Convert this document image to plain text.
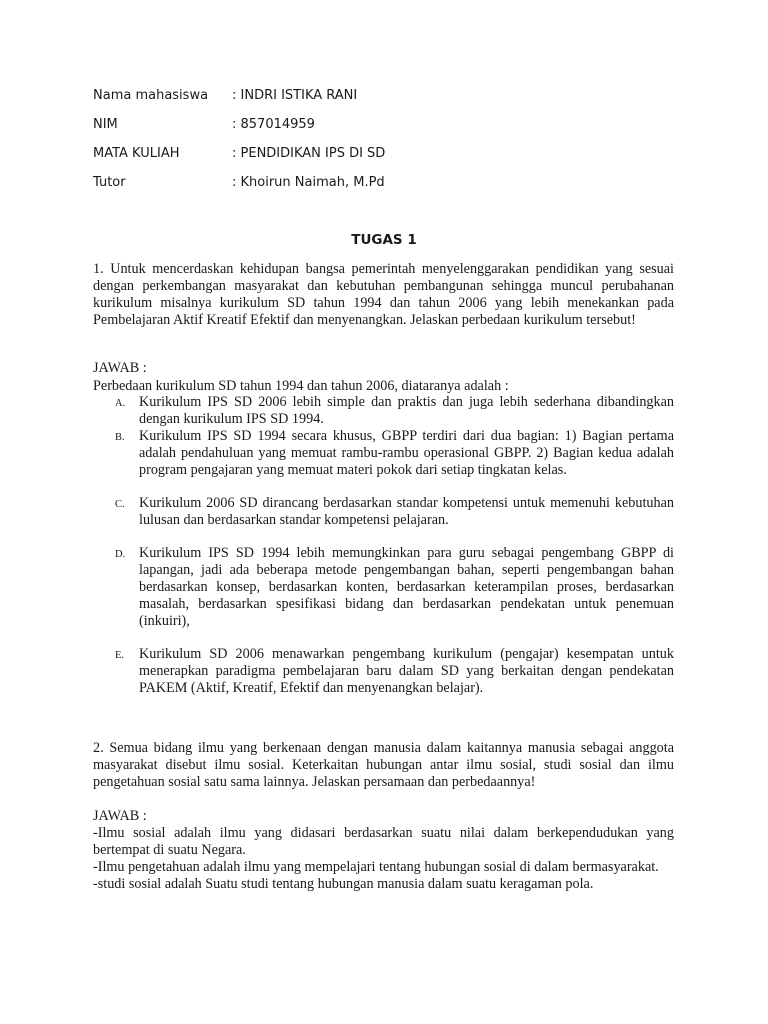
Nama mahasiswa	: INDRI ISTIKA RANI
NIM	: 857014959
MATA KULIAH	: PENDIDIKAN IPS DI SD
Tutor	: Khoirun Naimah, M.Pd
TUGAS 1
1. Untuk mencerdaskan kehidupan bangsa pemerintah menyelenggarakan pendidikan yang sesuai dengan perkembangan masyarakat dan kebutuhan pembangunan sehingga muncul perubahanan kurikulum misalnya kurikulum SD tahun 1994 dan tahun 2006 yang lebih menekankan pada Pembelajaran Aktif Kreatif Efektif dan menyenangkan. Jelaskan perbedaan kurikulum tersebut!
JAWAB :
Perbedaan kurikulum SD tahun 1994 dan tahun 2006, diataranya adalah :
A. Kurikulum IPS SD 2006 lebih simple dan praktis dan juga lebih sederhana dibandingkan dengan kurikulum IPS SD 1994.
B. Kurikulum IPS SD 1994 secara khusus, GBPP terdiri dari dua bagian: 1) Bagian pertama adalah pendahuluan yang memuat rambu-rambu operasional GBPP. 2) Bagian kedua adalah program pengajaran yang memuat materi pokok dari setiap tingkatan kelas.
C. Kurikulum 2006 SD dirancang berdasarkan standar kompetensi untuk memenuhi kebutuhan lulusan dan berdasarkan standar kompetensi pelajaran.
D. Kurikulum IPS SD 1994 lebih memungkinkan para guru sebagai pengembang GBPP di lapangan, jadi ada beberapa metode pengembangan bahan, seperti pengembangan bahan berdasarkan konsep, berdasarkan konten, berdasarkan keterampilan proses, berdasarkan masalah, berdasarkan spesifikasi bidang dan berdasarkan pendekatan untuk penemuan (inkuiri),
E. Kurikulum SD 2006 menawarkan pengembang kurikulum (pengajar) kesempatan untuk menerapkan paradigma pembelajaran baru dalam SD yang berkaitan dengan pendekatan PAKEM (Aktif, Kreatif, Efektif dan menyenangkan belajar).
2. Semua bidang ilmu yang berkenaan dengan manusia dalam kaitannya manusia sebagai anggota masyarakat disebut ilmu sosial. Keterkaitan hubungan antar ilmu sosial, studi sosial dan ilmu pengetahuan sosial satu sama lainnya. Jelaskan persamaan dan perbedaannya!
JAWAB :

-Ilmu sosial adalah ilmu yang didasari berdasarkan suatu nilai dalam berkependudukan yang bertempat di suatu Negara.

-Ilmu pengetahuan adalah ilmu yang mempelajari tentang hubungan sosial di dalam bermasyarakat.

-studi sosial adalah Suatu studi tentang hubungan manusia dalam suatu keragaman pola.
